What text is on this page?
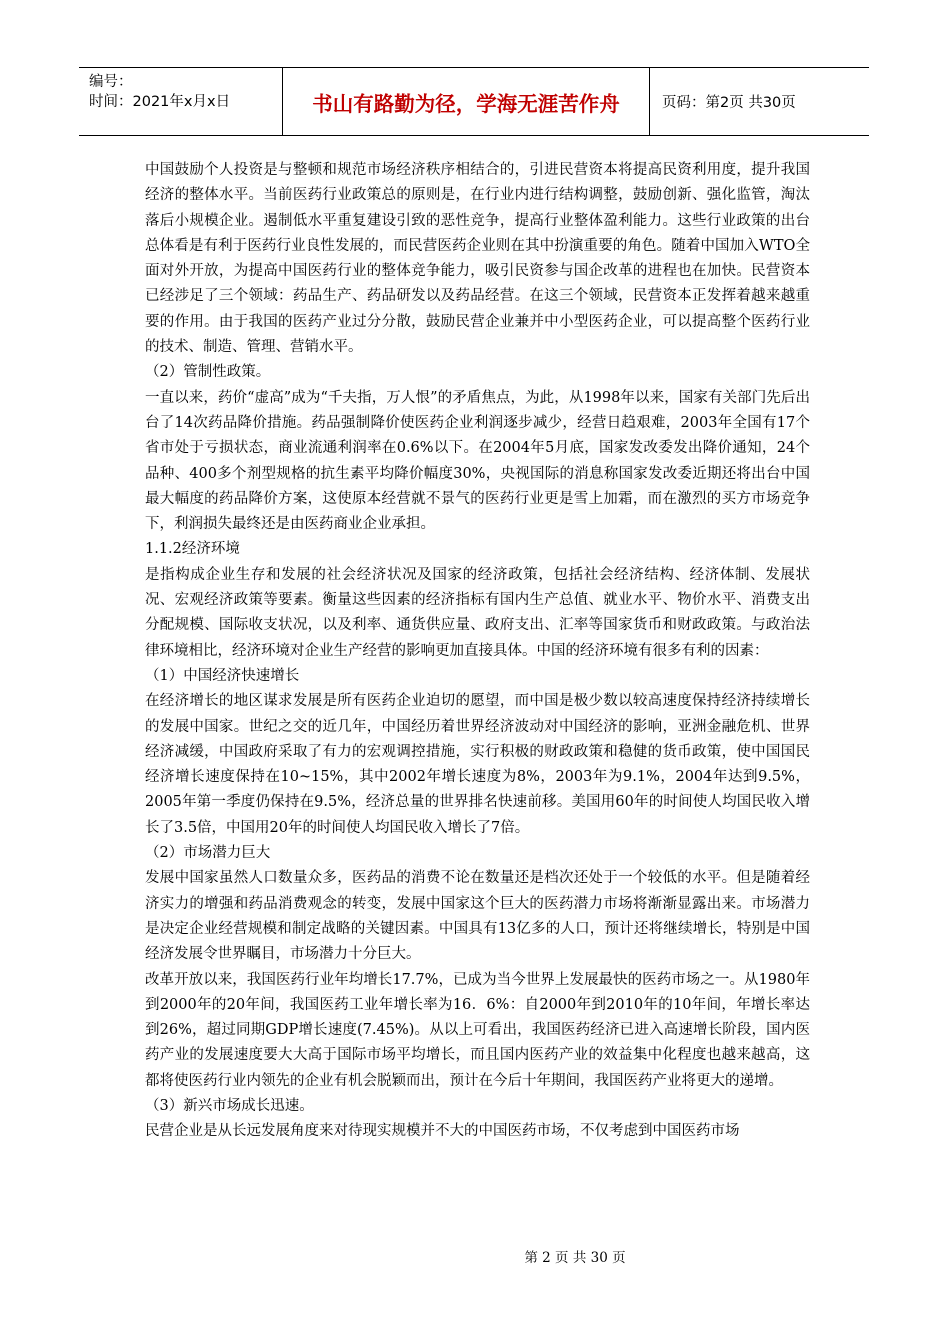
编号：
时间：2021年x月x日	书山有路勤为径，学海无涯苦作舟	页码：第2页 共30页

中国鼓励个人投资是与整顿和规范市场经济秩序相结合的，引进民营资本将提高民资利用度，提升我国经济的整体水平。当前医药行业政策总的原则是，在行业内进行结构调整，鼓励创新、强化监管，淘汰落后小规模企业。遏制低水平重复建设引致的恶性竞争，提高行业整体盈利能力。这些行业政策的出台总体看是有利于医药行业良性发展的，而民营医药企业则在其中扮演重要的角色。随着中国加入WTO全面对外开放，为提高中国医药行业的整体竞争能力，吸引民资参与国企改革的进程也在加快。民营资本已经涉足了三个领域：药品生产、药品研发以及药品经营。在这三个领域，民营资本正发挥着越来越重要的作用。由于我国的医药产业过分分散，鼓励民营企业兼并中小型医药企业，可以提高整个医药行业的技术、制造、管理、营销水平。

（2）管制性政策。

一直以来，药价“虚高”成为“千夫指，万人恨”的矛盾焦点，为此，从1998年以来，国家有关部门先后出台了14次药品降价措施。药品强制降价使医药企业利润逐步减少，经营日趋艰难，2003年全国有17个省市处于亏损状态，商业流通利润率在0.6%以下。在2004年5月底，国家发改委发出降价通知，24个品种、400多个剂型规格的抗生素平均降价幅度30%，央视国际的消息称国家发改委近期还将出台中国最大幅度的药品降价方案，这使原本经营就不景气的医药行业更是雪上加霜，而在激烈的买方市场竞争下，利润损失最终还是由医药商业企业承担。

1.1.2经济环境

是指构成企业生存和发展的社会经济状况及国家的经济政策，包括社会经济结构、经济体制、发展状况、宏观经济政策等要素。衡量这些因素的经济指标有国内生产总值、就业水平、物价水平、消费支出分配规模、国际收支状况，以及利率、通货供应量、政府支出、汇率等国家货币和财政政策。与政治法律环境相比，经济环境对企业生产经营的影响更加直接具体。中国的经济环境有很多有利的因素：

（1）中国经济快速增长

在经济增长的地区谋求发展是所有医药企业迫切的愿望，而中国是极少数以较高速度保持经济持续增长的发展中国家。世纪之交的近几年，中国经历着世界经济波动对中国经济的影响，亚洲金融危机、世界经济减缓，中国政府采取了有力的宏观调控措施，实行积极的财政政策和稳健的货币政策，使中国国民经济增长速度保持在10~15%，其中2002年增长速度为8%，2003年为9.1%，2004年达到9.5%，2005年第一季度仍保持在9.5%，经济总量的世界排名快速前移。美国用60年的时间使人均国民收入增长了3.5倍，中国用20年的时间使人均国民收入增长了7倍。

（2）市场潜力巨大

发展中国家虽然人口数量众多，医药品的消费不论在数量还是档次还处于一个较低的水平。但是随着经济实力的增强和药品消费观念的转变，发展中国家这个巨大的医药潜力市场将渐渐显露出来。市场潜力是决定企业经营规模和制定战略的关键因素。中国具有13亿多的人口，预计还将继续增长，特别是中国经济发展令世界瞩目，市场潜力十分巨大。

改革开放以来，我国医药行业年均增长17.7%，已成为当今世界上发展最快的医药市场之一。从1980年到2000年的20年间，我国医药工业年增长率为16．6%：自2000年到2010年的10年间，年增长率达到26%，超过同期GDP增长速度(7.45%)。从以上可看出，我国医药经济已进入高速增长阶段，国内医药产业的发展速度要大大高于国际市场平均增长，而且国内医药产业的效益集中化程度也越来越高，这都将使医药行业内领先的企业有机会脱颖而出，预计在今后十年期间，我国医药产业将更大的递增。

（3）新兴市场成长迅速。

民营企业是从长远发展角度来对待现实规模并不大的中国医药市场，不仅考虑到中国医药市场

第 2 页 共 30 页
